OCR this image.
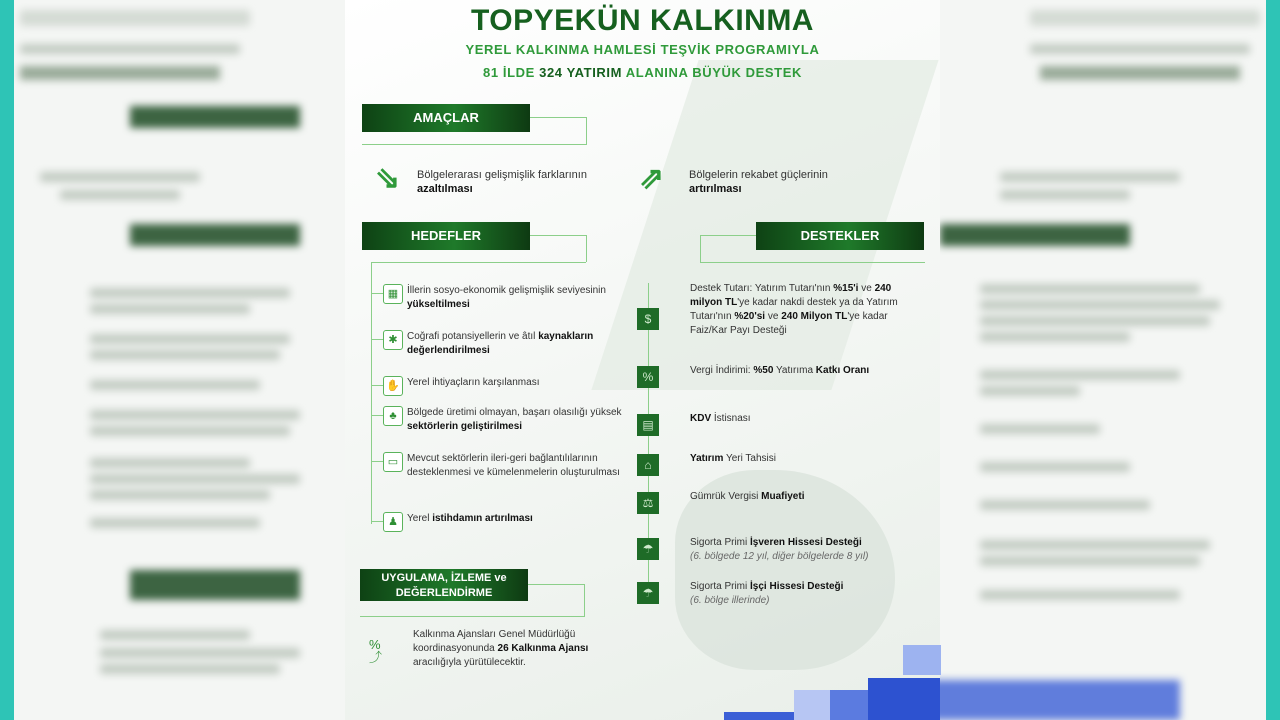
TOPYEKÜN KALKINMA
YEREL KALKINMA HAMLESİ TEŞVİK PROGRAMIYLA
81 İLDE 324 YATIRIM ALANINA BÜYÜK DESTEK
AMAÇLAR
⇘ Bölgelerarası gelişmişlik farklarının
azaltılması	⇗ Bölgelerin rekabet güçlerinin
artırılması
HEDEFLER
▦ İllerin sosyo-ekonomik gelişmişlik seviyesinin yükseltilmesi
✱ Coğrafi potansiyellerin ve âtıl kaynakların değerlendirilmesi
✋ Yerel ihtiyaçların karşılanması
♣	Bölgede üretimi olmayan, başarı olasılığı yüksek sektörlerin geliştirilmesi
▭ Mevcut sektörlerin ileri-geri bağlantılılarının desteklenmesi ve kümelenmelerin oluşturulması
♟ Yerel istihdamın artırılması
UYGULAMA, İZLEME ve
DEĞERLENDİRME
%
⤴
Kalkınma Ajansları Genel Müdürlüğü koordinasyonunda 26 Kalkınma Ajansı aracılığıyla yürütülecektir.
DESTEKLER
$
Destek Tutarı: Yatırım Tutarı'nın %15'i ve 240 milyon TL'ye kadar nakdi destek ya da Yatırım Tutarı'nın %20'si ve 240 Milyon TL'ye kadar Faiz/Kar Payı Desteği
%	Vergi İndirimi: %50 Yatırıma Katkı Oranı
▤	KDV İstisnası
⌂	Yatırım Yeri Tahsisi
⚖	Gümrük Vergisi Muafiyeti
☂	Sigorta Primi İşveren Hissesi Desteği
(6. bölgede 12 yıl, diğer bölgelerde 8 yıl)
☂	Sigorta Primi İşçi Hissesi Desteği
(6. bölge illerinde)
